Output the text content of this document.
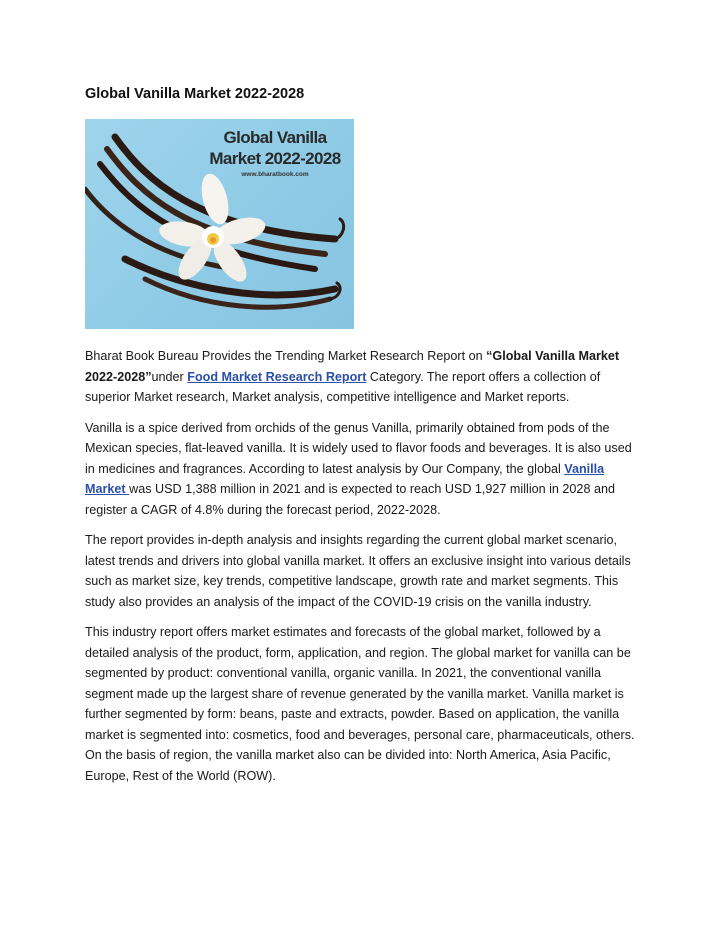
Global Vanilla Market 2022-2028
Global Vanilla
Market 2022-2028
www.bharatbook.com

Bharat Book Bureau Provides the Trending Market Research Report on “Global Vanilla Market 2022-2028”under Food Market Research Report Category. The report offers a collection of superior Market research, Market analysis, competitive intelligence and Market reports.

Vanilla is a spice derived from orchids of the genus Vanilla, primarily obtained from pods of the Mexican species, flat-leaved vanilla. It is widely used to flavor foods and beverages. It is also used in medicines and fragrances. According to latest analysis by Our Company, the global Vanilla Market was USD 1,388 million in 2021 and is expected to reach USD 1,927 million in 2028 and register a CAGR of 4.8% during the forecast period, 2022-2028.

The report provides in-depth analysis and insights regarding the current global market scenario, latest trends and drivers into global vanilla market. It offers an exclusive insight into various details such as market size, key trends, competitive landscape, growth rate and market segments. This study also provides an analysis of the impact of the COVID-19 crisis on the vanilla industry.

This industry report offers market estimates and forecasts of the global market, followed by a detailed analysis of the product, form, application, and region. The global market for vanilla can be segmented by product: conventional vanilla, organic vanilla. In 2021, the conventional vanilla segment made up the largest share of revenue generated by the vanilla market. Vanilla market is further segmented by form: beans, paste and extracts, powder. Based on application, the vanilla market is segmented into: cosmetics, food and beverages, personal care, pharmaceuticals, others. On the basis of region, the vanilla market also can be divided into: North America, Asia Pacific, Europe, Rest of the World (ROW).
